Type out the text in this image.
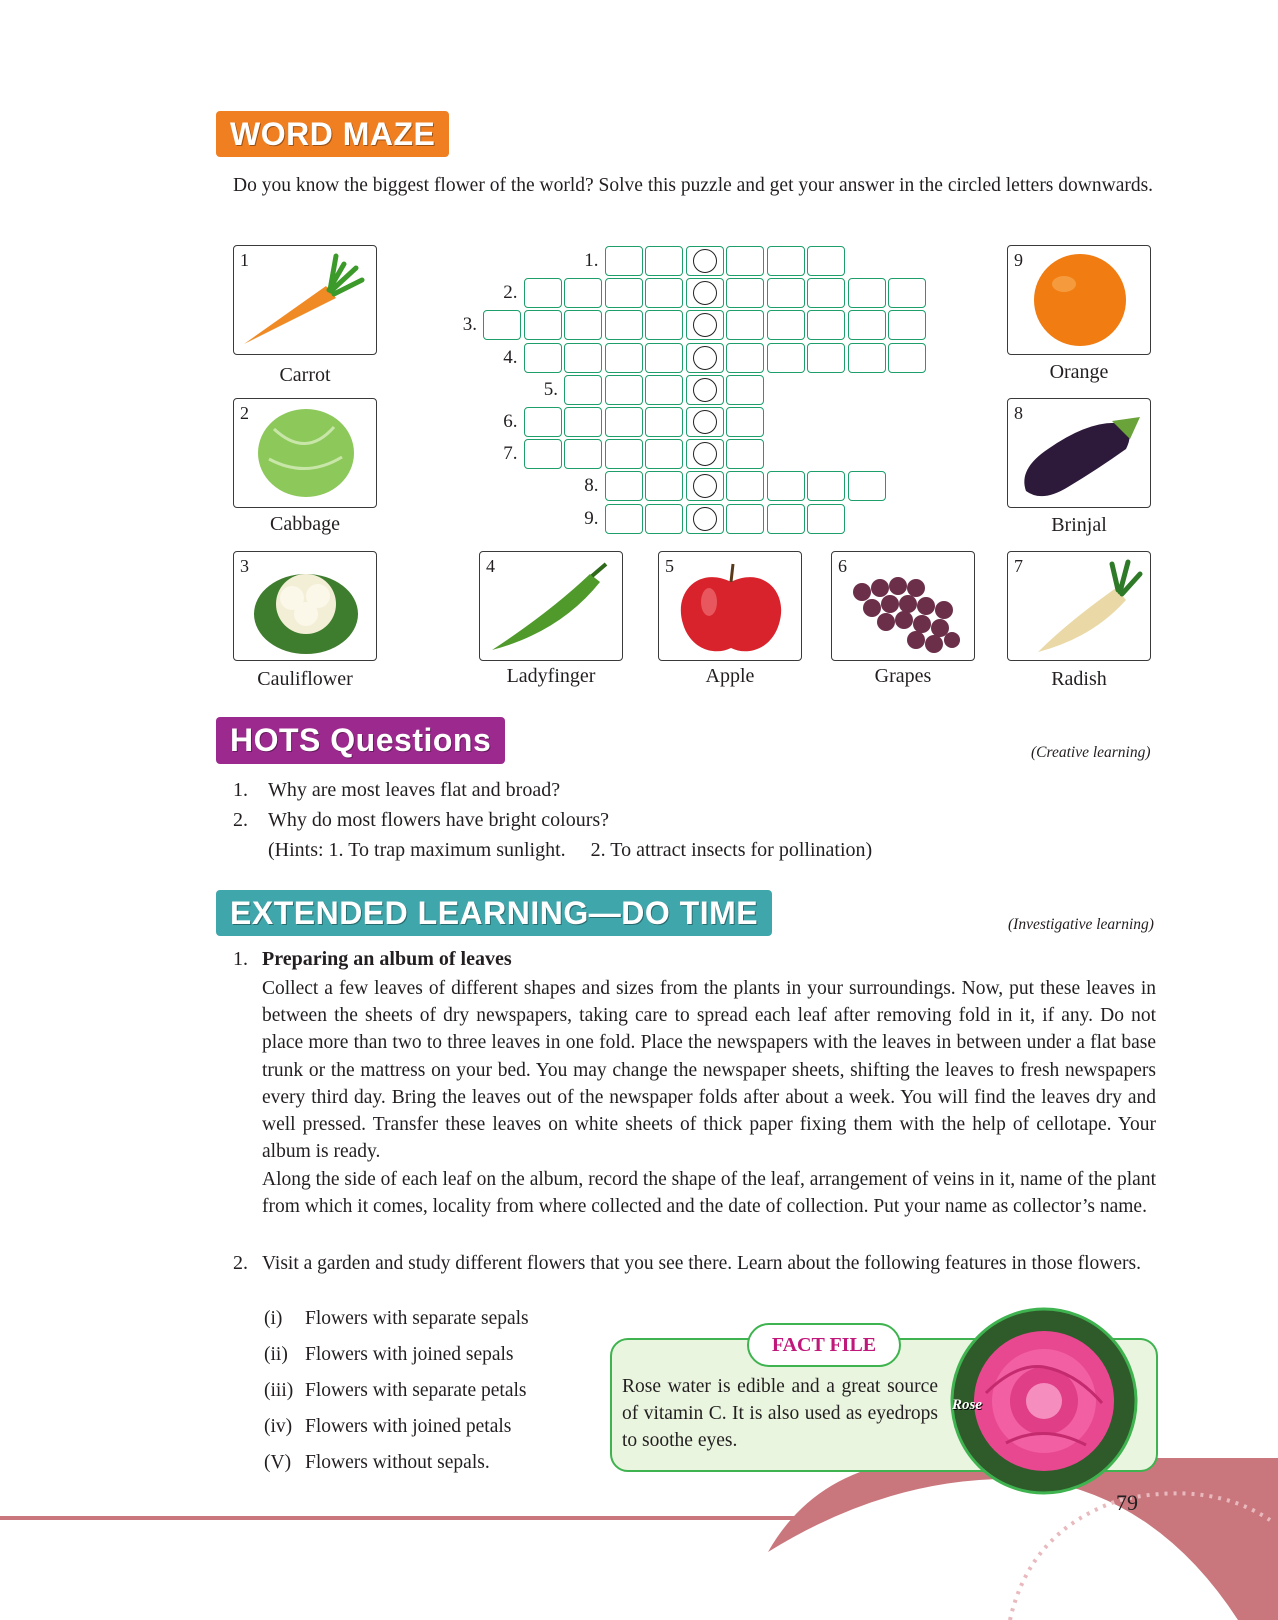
WORD MAZE
Do you know the biggest flower of the world? Solve this puzzle and get your answer in the circled letters downwards.
1
Carrot
2
Cabbage
3
Cauliflower
4
Ladyfinger
5
Apple
6
Grapes
7
Radish
8
Brinjal
9
Orange
1.
2.
3.
4.
5.
6.
7.
8.
9.
HOTS Questions	(Creative learning)
1. Why are most leaves flat and broad?
2. Why do most flowers have bright colours?
(Hints: 1. To trap maximum sunlight.     2. To attract insects for pollination)
EXTENDED LEARNING—DO TIME	(Investigative learning)
1. Preparing an album of leaves
Collect a few leaves of different shapes and sizes from the plants in your surroundings. Now, put these leaves in between the sheets of dry newspapers, taking care to spread each leaf after removing fold in it, if any. Do not place more than two to three leaves in one fold. Place the newspapers with the leaves in between under a flat base trunk or the mattress on your bed. You may change the newspaper sheets, shifting the leaves to fresh newspapers every third day. Bring the leaves out of the newspaper folds after about a week. You will find the leaves dry and well pressed. Transfer these leaves on white sheets of thick paper fixing them with the help of cellotape. Your album is ready.
Along the side of each leaf on the album, record the shape of the leaf, arrangement of veins in it, name of the plant from which it comes, locality from where collected and the date of collection. Put your name as collector’s name.
2. Visit a garden and study different flowers that you see there. Learn about the following features in those flowers.
(i) Flowers with separate sepals
(ii) Flowers with joined sepals
(iii) Flowers with separate petals
(iv) Flowers with joined petals
(V) Flowers without sepals.
79
FACT FILE
Rose water is edible and a great source of vitamin C. It is also used as eyedrops to soothe eyes.
Rose
